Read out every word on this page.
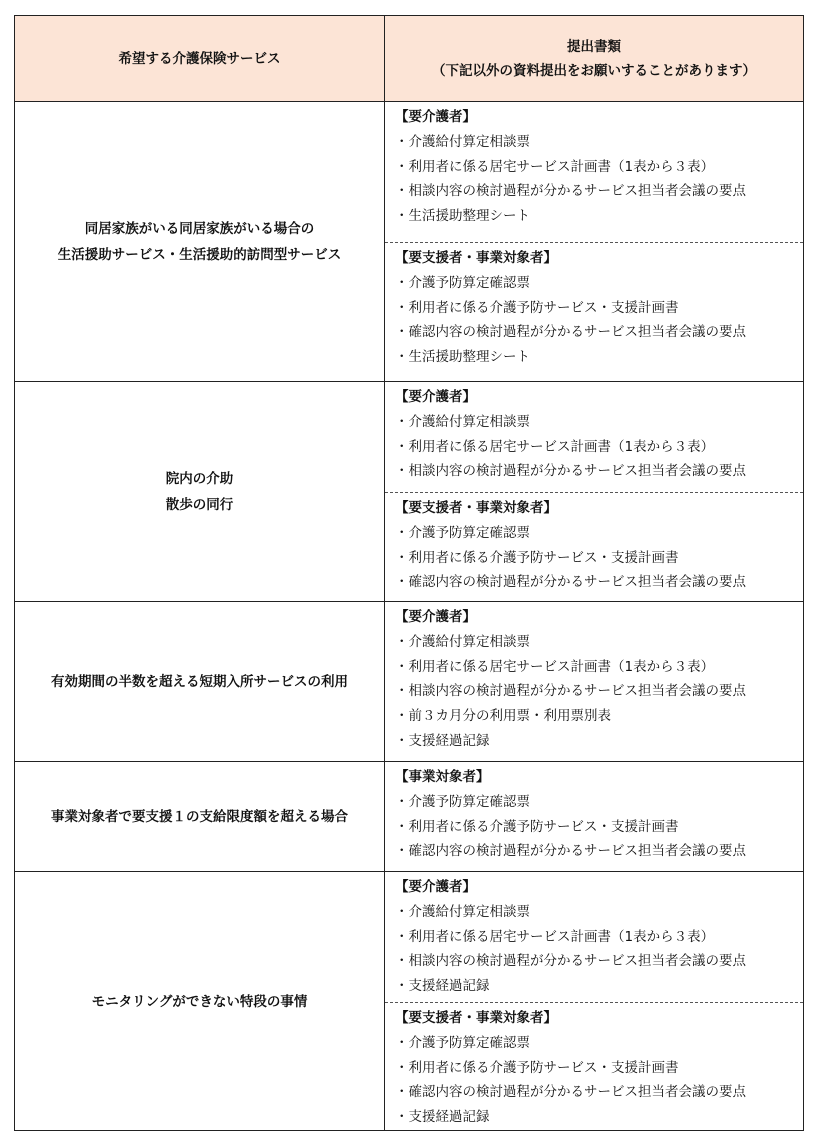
希望する介護保険サービス
提出書類
（下記以外の資料提出をお願いすることがあります）
同居家族がいる同居家族がいる場合の
生活援助サービス・生活援助的訪問型サービス
【要介護者】
・介護給付算定相談票
・利用者に係る居宅サービス計画書（1表から３表）
・相談内容の検討過程が分かるサービス担当者会議の要点
・生活援助整理シート
【要支援者・事業対象者】
・介護予防算定確認票
・利用者に係る介護予防サービス・支援計画書
・確認内容の検討過程が分かるサービス担当者会議の要点
・生活援助整理シート
院内の介助
散歩の同行
【要介護者】
・介護給付算定相談票
・利用者に係る居宅サービス計画書（1表から３表）
・相談内容の検討過程が分かるサービス担当者会議の要点
【要支援者・事業対象者】
・介護予防算定確認票
・利用者に係る介護予防サービス・支援計画書
・確認内容の検討過程が分かるサービス担当者会議の要点
有効期間の半数を超える短期入所サービスの利用
【要介護者】
・介護給付算定相談票
・利用者に係る居宅サービス計画書（1表から３表）
・相談内容の検討過程が分かるサービス担当者会議の要点
・前３カ月分の利用票・利用票別表
・支援経過記録
事業対象者で要支援１の支給限度額を超える場合
【事業対象者】
・介護予防算定確認票
・利用者に係る介護予防サービス・支援計画書
・確認内容の検討過程が分かるサービス担当者会議の要点
モニタリングができない特段の事情
【要介護者】
・介護給付算定相談票
・利用者に係る居宅サービス計画書（1表から３表）
・相談内容の検討過程が分かるサービス担当者会議の要点
・支援経過記録
【要支援者・事業対象者】
・介護予防算定確認票
・利用者に係る介護予防サービス・支援計画書
・確認内容の検討過程が分かるサービス担当者会議の要点
・支援経過記録
